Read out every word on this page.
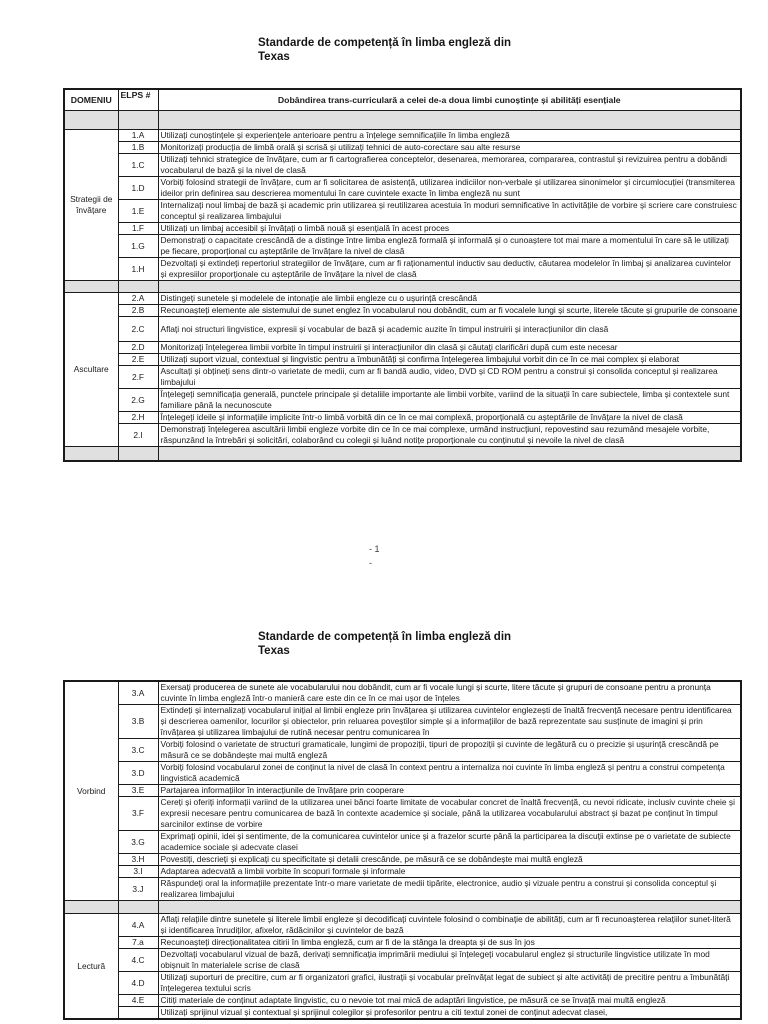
Standarde de competență în limba engleză din
Texas
DOMENIU	ELPS #	Dobândirea trans-curriculară a celei de-a doua limbi cunoștințe și abilități esențiale

Strategii de învățare	1.A	Utilizați cunoștințele și experiențele anterioare pentru a înțelege semnificațiile în limba engleză
	1.B	Monitorizați producția de limbă orală și scrisă și utilizați tehnici de auto-corectare sau alte resurse
	1.C	Utilizați tehnici strategice de învățare, cum ar fi cartografierea conceptelor, desenarea, memorarea, compararea, contrastul și revizuirea pentru a dobândi vocabularul de bază și la nivel de clasă
	1.D	Vorbiți folosind strategii de învățare, cum ar fi solicitarea de asistență, utilizarea indiciilor non-verbale și utilizarea sinonimelor și circumlocuției (transmiterea ideilor prin definirea sau descrierea momentului în care cuvintele exacte în limba engleză nu sunt
	1.E	Internalizați noul limbaj de bază și academic prin utilizarea și reutilizarea acestuia în moduri semnificative în activitățile de vorbire și scriere care construiesc conceptul și realizarea limbajului
	1.F	Utilizați un limbaj accesibil și învățați o limbă nouă și esențială în acest proces
	1.G	Demonstrați o capacitate crescândă de a distinge între limba engleză formală și informală și o cunoaștere tot mai mare a momentului în care să le utilizați pe fiecare, proporțional cu așteptările de învățare la nivel de clasă
	1.H	Dezvoltați și extindeți repertoriul strategiilor de învățare, cum ar fi raționamentul inductiv sau deductiv, căutarea modelelor în limbaj și analizarea cuvintelor și expresiilor proporționale cu așteptările de învățare la nivel de clasă

Ascultare	2.A	Distingeți sunetele și modelele de intonație ale limbii engleze cu o ușurință crescândă
	2.B	Recunoașteți elemente ale sistemului de sunet englez în vocabularul nou dobândit, cum ar fi vocalele lungi și scurte, literele tăcute și grupurile de consoane
	2.C	Aflați noi structuri lingvistice, expresii și vocabular de bază și academic auzite în timpul instruirii și interacțiunilor din clasă
	2.D	Monitorizați înțelegerea limbii vorbite în timpul instruirii și interacțiunilor din clasă și căutați clarificări după cum este necesar
	2.E	Utilizați suport vizual, contextual și lingvistic pentru a îmbunătăți și confirma înțelegerea limbajului vorbit din ce în ce mai complex și elaborat
	2.F	Ascultați și obțineți sens dintr-o varietate de medii, cum ar fi bandă audio, video, DVD și CD ROM pentru a construi și consolida conceptul și realizarea limbajului
	2.G	Înțelegeți semnificația generală, punctele principale și detaliile importante ale limbii vorbite, variind de la situații în care subiectele, limba și contextele sunt familiare până la necunoscute
	2.H	Înțelegeți ideile și informațiile implicite într-o limbă vorbită din ce în ce mai complexă, proporțională cu așteptările de învățare la nivel de clasă
	2.I	Demonstrați înțelegerea ascultării limbii engleze vorbite din ce în ce mai complexe, urmând instrucțiuni, repovestind sau rezumând mesajele vorbite, răspunzând la întrebări și solicitări, colaborând cu colegii și luând notițe proporționale cu conținutul și nevoile la nivel de clasă

- 1
-
Standarde de competență în limba engleză din
Texas
Vorbind	3.A	Exersați producerea de sunete ale vocabularului nou dobândit, cum ar fi vocale lungi și scurte, litere tăcute și grupuri de consoane pentru a pronunța cuvinte în limba engleză într-o manieră care este din ce în ce mai ușor de înțeles
	3.B	Extindeți și internalizați vocabularul inițial al limbii engleze prin învățarea și utilizarea cuvintelor englezești de înaltă frecvență necesare pentru identificarea și descrierea oamenilor, locurilor și obiectelor, prin reluarea poveștilor simple și a informațiilor de bază reprezentate sau susținute de imagini și prin învățarea și utilizarea limbajului de rutină necesar pentru comunicarea în
	3.C	Vorbiți folosind o varietate de structuri gramaticale, lungimi de propoziții, tipuri de propoziții și cuvinte de legătură cu o precizie și ușurință crescândă pe măsură ce se dobândește mai multă engleză
	3.D	Vorbiți folosind vocabularul zonei de conținut la nivel de clasă în context pentru a internaliza noi cuvinte în limba engleză și pentru a construi competența lingvistică academică
	3.E	Partajarea informațiilor în interacțiunile de învățare prin cooperare
	3.F	Cereți și oferiți informații variind de la utilizarea unei bănci foarte limitate de vocabular concret de înaltă frecvență, cu nevoi ridicate, inclusiv cuvinte cheie și expresii necesare pentru comunicarea de bază în contexte academice și sociale, până la utilizarea vocabularului abstract și bazat pe conținut în timpul sarcinilor extinse de vorbire
	3.G	Exprimați opinii, idei și sentimente, de la comunicarea cuvintelor unice și a frazelor scurte până la participarea la discuții extinse pe o varietate de subiecte academice sociale și adecvate clasei
	3.H	Povestiți, descrieți și explicați cu specificitate și detalii crescânde, pe măsură ce se dobândește mai multă engleză
	3.I	Adaptarea adecvată a limbii vorbite în scopuri formale și informale
	3.J	Răspundeți oral la informațiile prezentate într-o mare varietate de medii tipărite, electronice, audio și vizuale pentru a construi și consolida conceptul și realizarea limbajului

Lectură	4.A	Aflați relațiile dintre sunetele și literele limbii engleze și decodificați cuvintele folosind o combinație de abilități, cum ar fi recunoașterea relațiilor sunet-literă și identificarea înrudiților, afixelor, rădăcinilor și cuvintelor de bază
	7.a	Recunoașteți direcționalitatea citirii în limba engleză, cum ar fi de la stânga la dreapta și de sus în jos
	4.C	Dezvoltați vocabularul vizual de bază, derivați semnificația imprimării mediului și înțelegeți vocabularul englez și structurile lingvistice utilizate în mod obișnuit în materialele scrise de clasă
	4.D	Utilizați suporturi de precitire, cum ar fi organizatori grafici, ilustrații și vocabular preînvățat legat de subiect și alte activități de precitire pentru a îmbunătăți înțelegerea textului scris
	4.E	Citiți materiale de conținut adaptate lingvistic, cu o nevoie tot mai mică de adaptări lingvistice, pe măsură ce se învață mai multă engleză
		Utilizați sprijinul vizual și contextual și sprijinul colegilor și profesorilor pentru a citi textul zonei de conținut adecvat clasei,
